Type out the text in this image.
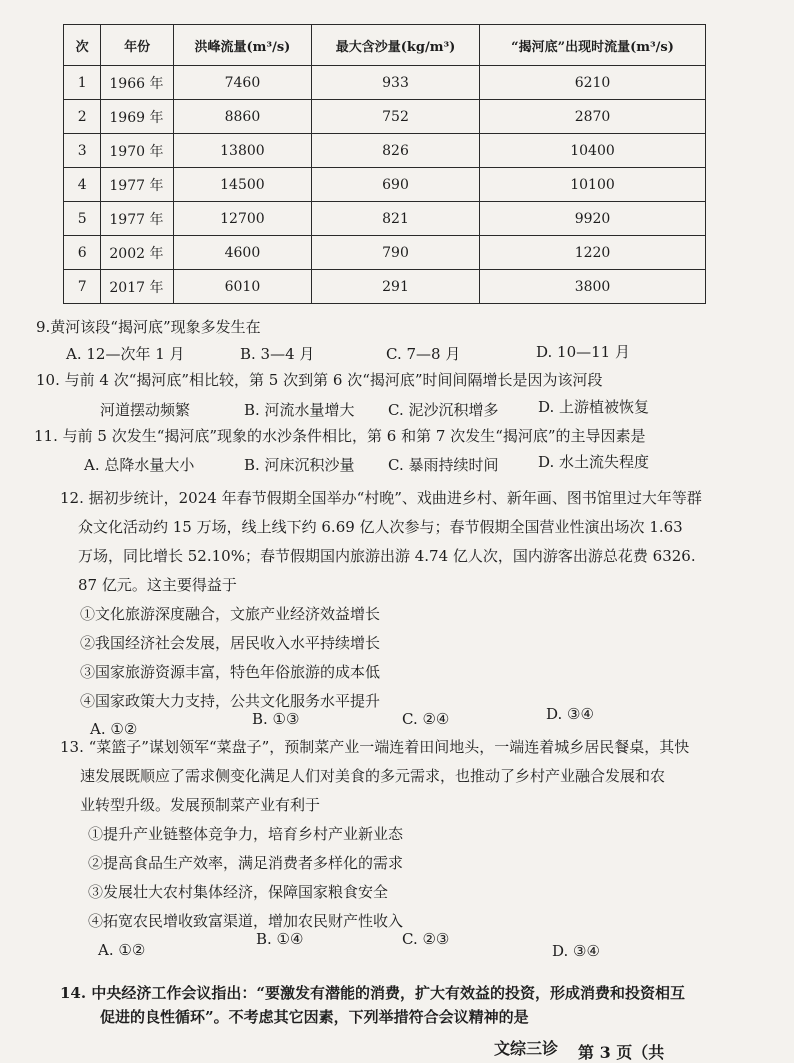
次	年份	洪峰流量(m³/s)	最大含沙量(kg/m³)	“揭河底”出现时流量(m³/s)
1	1966 年	7460	933	6210
2	1969 年	8860	752	2870
3	1970 年	13800	826	10400
4	1977 年	14500	690	10100
5	1977 年	12700	821	9920
6	2002 年	4600	790	1220
7	2017 年	6010	291	3800
9.黄河该段“揭河底”现象多发生在
A. 12—次年 1 月	B. 3—4 月	C. 7—8 月	D. 10—11 月
10. 与前 4 次“揭河底”相比较，第 5 次到第 6 次“揭河底”时间间隔增长是因为该河段
河道摆动频繁	B. 河流水量增大 C. 泥沙沉积增多	D. 上游植被恢复
11. 与前 5 次发生“揭河底”现象的水沙条件相比，第 6 和第 7 次发生“揭河底”的主导因素是
A. 总降水量大小	B. 河床沉积沙量 C. 暴雨持续时间	D. 水土流失程度
12. 据初步统计，2024 年春节假期全国举办“村晚”、戏曲进乡村、新年画、图书馆里过大年等群
众文化活动约 15 万场，线上线下约 6.69 亿人次参与；春节假期全国营业性演出场次 1.63
万场，同比增长 52.10%；春节假期国内旅游出游 4.74 亿人次，国内游客出游总花费 6326.
87 亿元。这主要得益于
①文化旅游深度融合，文旅产业经济效益增长
②我国经济社会发展，居民收入水平持续增长
③国家旅游资源丰富，特色年俗旅游的成本低
④国家政策大力支持，公共文化服务水平提升
A. ①②
B. ①③	C. ②④	D. ③④
13. “菜篮子”谋划领军“菜盘子”，预制菜产业一端连着田间地头，一端连着城乡居民餐桌，其快
速发展既顺应了需求侧变化满足人们对美食的多元需求，也推动了乡村产业融合发展和农
业转型升级。发展预制菜产业有利于
①提升产业链整体竞争力，培育乡村产业新业态
②提高食品生产效率，满足消费者多样化的需求
③发展壮大农村集体经济，保障国家粮食安全
④拓宽农民增收致富渠道，增加农民财产性收入
A. ①②
B. ①④	C. ②③
D. ③④
14. 中央经济工作会议指出：“要激发有潜能的消费，扩大有效益的投资，形成消费和投资相互
促进的良性循环”。不考虑其它因素，下列举措符合会议精神的是
文综三诊 第 3 页（共
